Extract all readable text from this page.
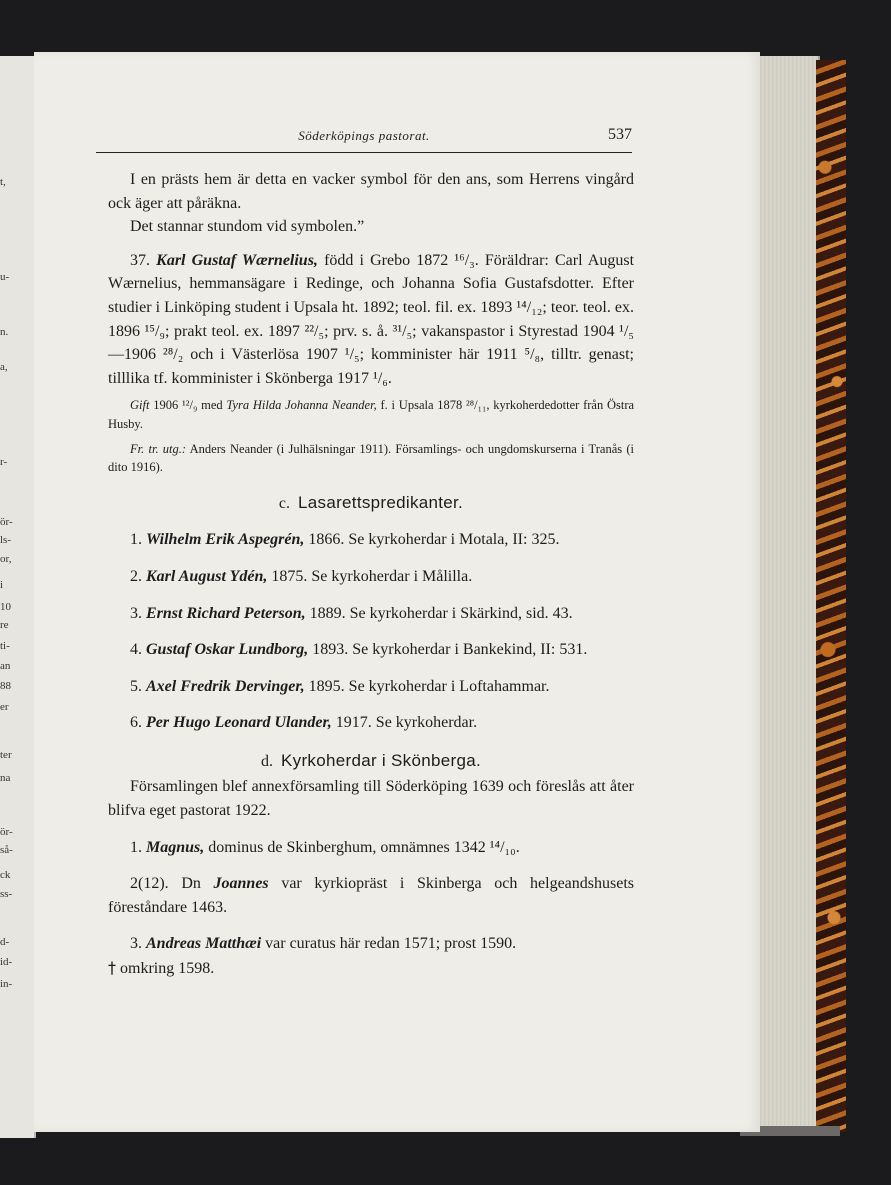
t,
u-
n.
a,
r-
ör-
ls-
or,
i
10
re
ti-
an
88
er
ter
na
ör-
så-
ck
ss-
d-
id-
in-
Söderköpings pastorat.	537

I en prästs hem är detta en vacker symbol för den ans, som Herrens vingård ock äger att påräkna.

Det stannar stundom vid symbolen.”

37. Karl Gustaf Wærnelius, född i Grebo 1872 ¹⁶/₃. Föräldrar: Carl August Wærnelius, hemmansägare i Redinge, och Johanna Sofia Gustafsdotter. Efter studier i Linköping student i Upsala ht. 1892; teol. fil. ex. 1893 ¹⁴/₁₂; teor. teol. ex. 1896 ¹⁵/₉; prakt teol. ex. 1897 ²²/₅; prv. s. å. ³¹/₅; vakanspastor i Styrestad 1904 ¹/₅—1906 ²⁸/₂ och i Västerlösa 1907 ¹/₅; komminister här 1911 ⁵/₈, tilltr. genast; tilllika tf. komminister i Skönberga 1917 ¹/₆.

Gift 1906 ¹²/₉ med Tyra Hilda Johanna Neander, f. i Upsala 1878 ²⁸/₁₁, kyrkoherdedotter från Östra Husby.

Fr. tr. utg.: Anders Neander (i Julhälsningar 1911). Församlings- och ungdomskurserna i Tranås (i dito 1916).

c. Lasarettspredikanter.

1. Wilhelm Erik Aspegrén, 1866. Se kyrkoherdar i Motala, II: 325.

2. Karl August Ydén, 1875. Se kyrkoherdar i Målilla.

3. Ernst Richard Peterson, 1889. Se kyrkoherdar i Skärkind, sid. 43.

4. Gustaf Oskar Lundborg, 1893. Se kyrkoherdar i Bankekind, II: 531.

5. Axel Fredrik Dervinger, 1895. Se kyrkoherdar i Loftahammar.

6. Per Hugo Leonard Ulander, 1917. Se kyrkoherdar.

d. Kyrkoherdar i Skönberga.

Församlingen blef annexförsamling till Söderköping 1639 och föreslås att åter blifva eget pastorat 1922.

1. Magnus, dominus de Skinberghum, omnämnes 1342 ¹⁴/₁₀.

2(12). Dn Joannes var kyrkiopräst i Skinberga och helgeandshusets föreståndare 1463.

3. Andreas Matthæi var curatus här redan 1571; prost 1590.

† omkring 1598.
